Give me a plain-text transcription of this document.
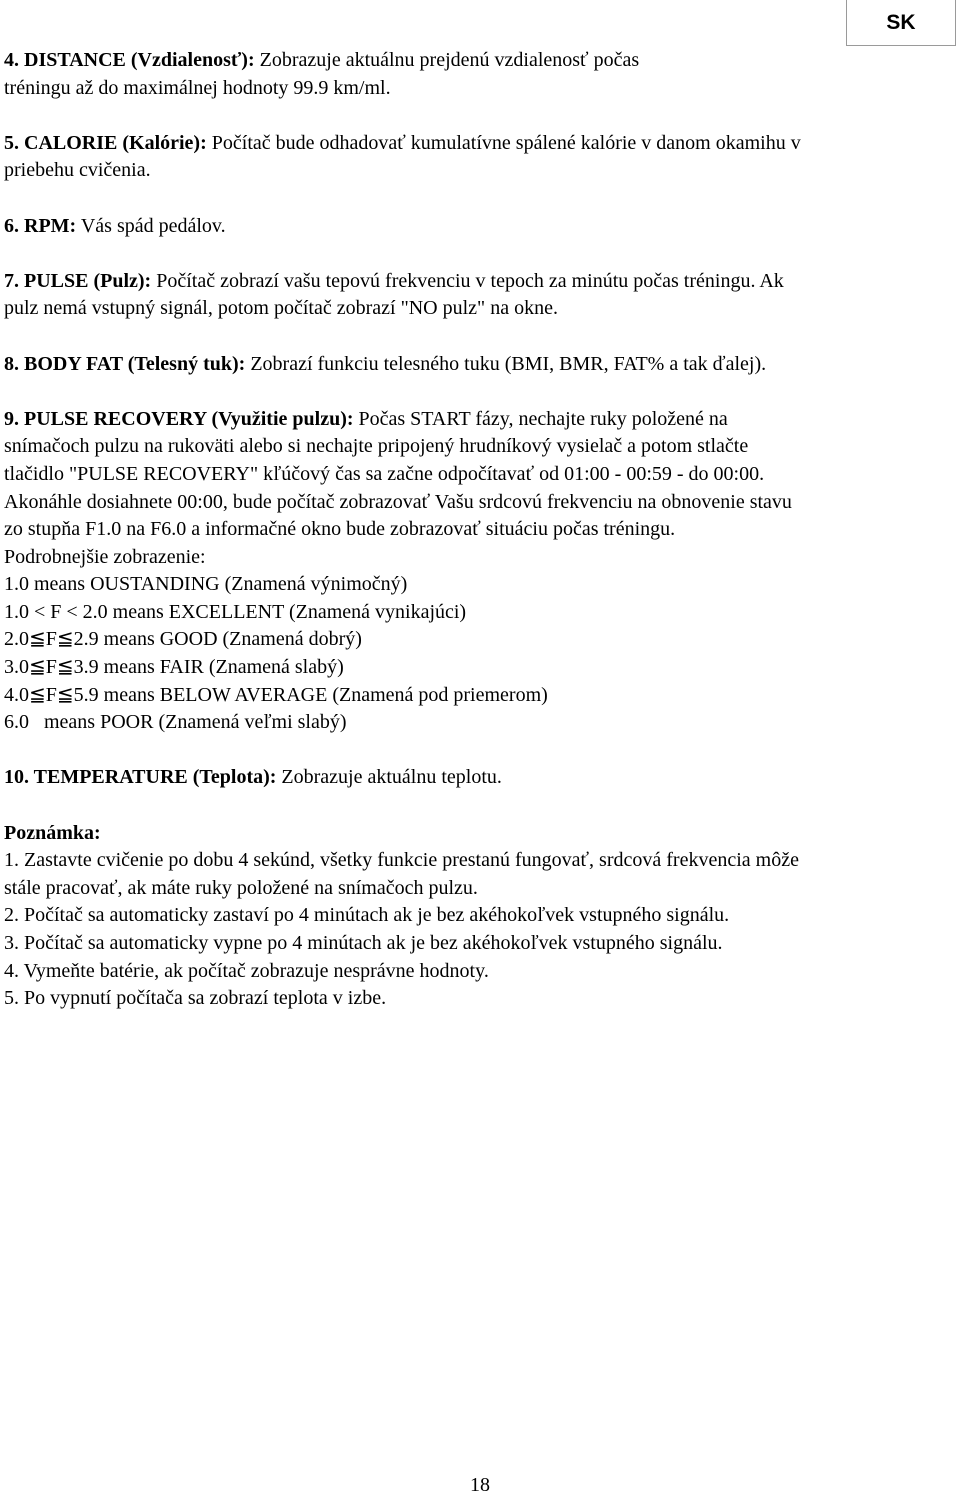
SK

4. DISTANCE (Vzdialenosť): Zobrazuje aktuálnu prejdenú vzdialenosť počas
tréningu až do maximálnej hodnoty 99.9 km/ml.

5. CALORIE (Kalórie): Počítač bude odhadovať kumulatívne spálené kalórie v danom okamihu v
priebehu cvičenia.

6. RPM: Vás spád pedálov.

7. PULSE (Pulz): Počítač zobrazí vašu tepovú frekvenciu v tepoch za minútu počas tréningu. Ak
pulz nemá vstupný signál, potom počítač zobrazí "NO pulz" na okne.

8. BODY FAT (Telesný tuk): Zobrazí funkciu telesného tuku (BMI, BMR, FAT% a tak ďalej).

9. PULSE RECOVERY (Využitie pulzu): Počas START fázy, nechajte ruky položené na
snímačoch pulzu na rukoväti alebo si nechajte pripojený hrudníkový vysielač a potom stlačte
tlačidlo "PULSE RECOVERY" kľúčový čas sa začne odpočítavať od 01:00 - 00:59 - do 00:00.
Akonáhle dosiahnete 00:00, bude počítač zobrazovať Vašu srdcovú frekvenciu na obnovenie stavu
zo stupňa F1.0 na F6.0 a informačné okno bude zobrazovať situáciu počas tréningu.
Podrobnejšie zobrazenie:
1.0 means OUSTANDING (Znamená výnimočný)
1.0 < F < 2.0 means EXCELLENT (Znamená vynikajúci)
2.0≦F≦2.9 means GOOD (Znamená dobrý)
3.0≦F≦3.9 means FAIR (Znamená slabý)
4.0≦F≦5.9 means BELOW AVERAGE (Znamená pod priemerom)
6.0   means POOR (Znamená veľmi slabý)

10. TEMPERATURE (Teplota): Zobrazuje aktuálnu teplotu.

Poznámka:
1. Zastavte cvičenie po dobu 4 sekúnd, všetky funkcie prestanú fungovať, srdcová frekvencia môže
stále pracovať, ak máte ruky položené na snímačoch pulzu.
2. Počítač sa automaticky zastaví po 4 minútach ak je bez akéhokoľvek vstupného signálu.
3. Počítač sa automaticky vypne po 4 minútach ak je bez akéhokoľvek vstupného signálu.
4. Vymeňte batérie, ak počítač zobrazuje nesprávne hodnoty.
5. Po vypnutí počítača sa zobrazí teplota v izbe.

18
